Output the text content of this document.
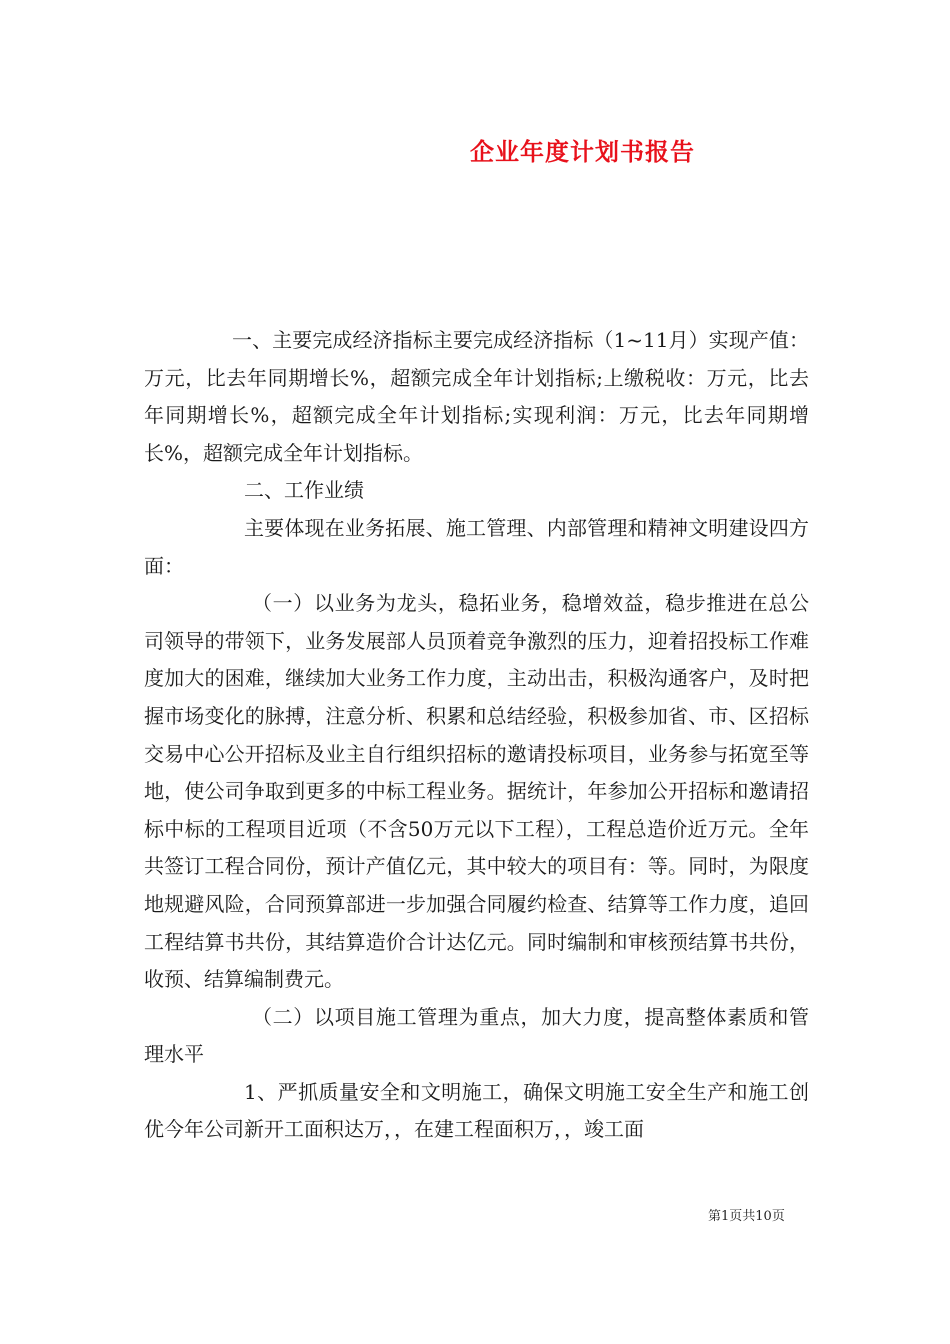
企业年度计划书报告

一、主要完成经济指标主要完成经济指标（1~11月）实现产值：万元，比去年同期增长%，超额完成全年计划指标;上缴税收：万元，比去年同期增长%，超额完成全年计划指标;实现利润：万元，比去年同期增长%，超额完成全年计划指标。

二、工作业绩

主要体现在业务拓展、施工管理、内部管理和精神文明建设四方面：

（一）以业务为龙头，稳拓业务，稳增效益，稳步推进在总公司领导的带领下，业务发展部人员顶着竞争激烈的压力，迎着招投标工作难度加大的困难，继续加大业务工作力度，主动出击，积极沟通客户，及时把握市场变化的脉搏，注意分析、积累和总结经验，积极参加省、市、区招标交易中心公开招标及业主自行组织招标的邀请投标项目，业务参与拓宽至等地，使公司争取到更多的中标工程业务。据统计，年参加公开招标和邀请招标中标的工程项目近项（不含50万元以下工程），工程总造价近万元。全年共签订工程合同份，预计产值亿元，其中较大的项目有：等。同时，为限度地规避风险，合同预算部进一步加强合同履约检查、结算等工作力度，追回工程结算书共份，其结算造价合计达亿元。同时编制和审核预结算书共份，收预、结算编制费元。

（二）以项目施工管理为重点，加大力度，提高整体素质和管理水平

1、严抓质量安全和文明施工，确保文明施工安全生产和施工创优今年公司新开工面积达万，，在建工程面积万，，竣工面

第1页共10页
